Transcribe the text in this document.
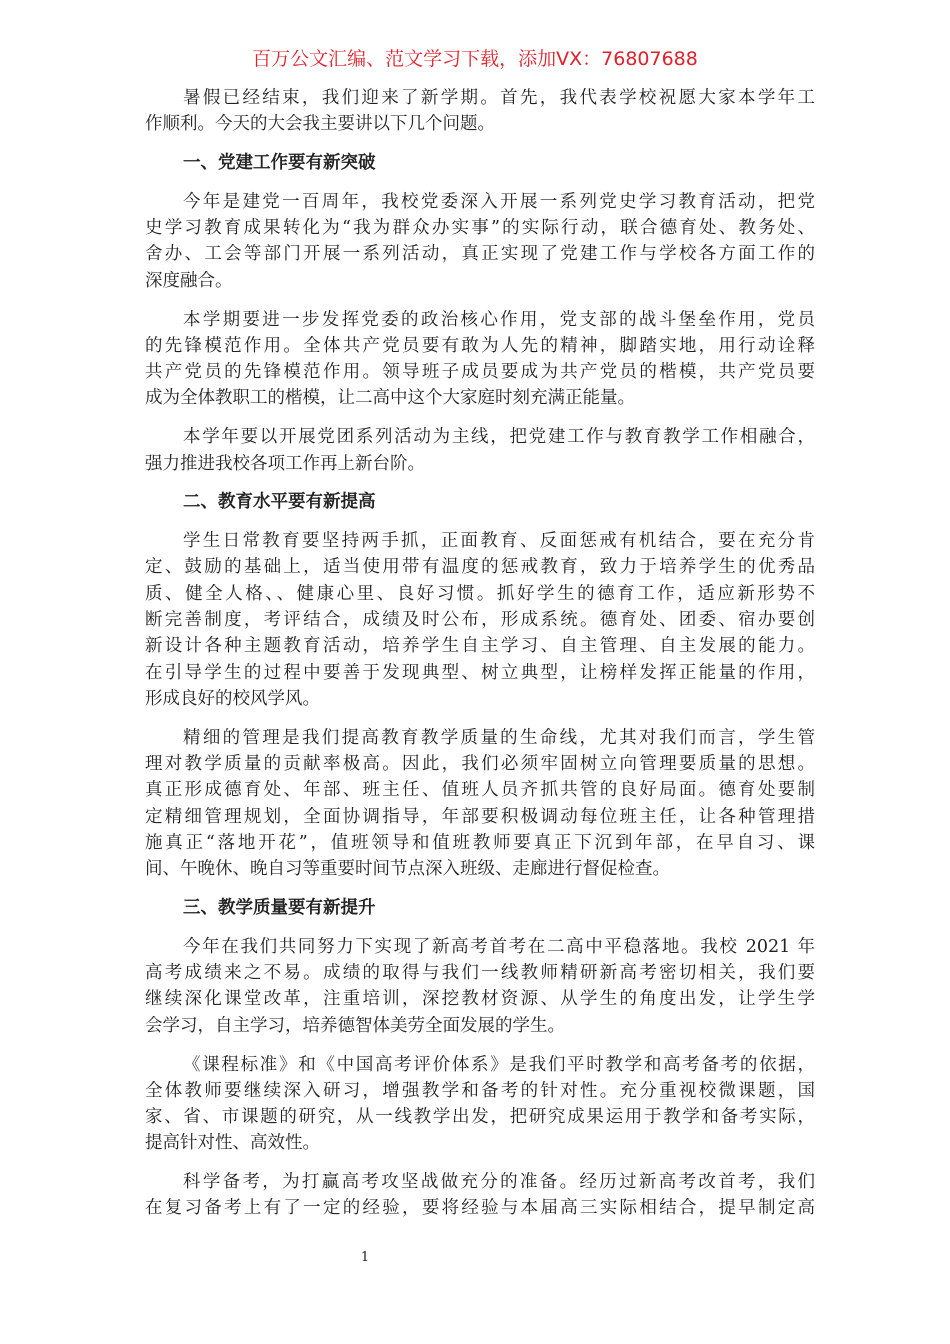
百万公文汇编、范文学习下载，添加VX：76807688
暑假已经结束，我们迎来了新学期。首先，我代表学校祝愿大家本学年工
作顺利。今天的大会我主要讲以下几个问题。
一、党建工作要有新突破
今年是建党一百周年，我校党委深入开展一系列党史学习教育活动，把党
史学习教育成果转化为“我为群众办实事”的实际行动，联合德育处、教务处、
舍办、工会等部门开展一系列活动，真正实现了党建工作与学校各方面工作的
深度融合。
本学期要进一步发挥党委的政治核心作用，党支部的战斗堡垒作用，党员
的先锋模范作用。全体共产党员要有敢为人先的精神，脚踏实地，用行动诠释
共产党员的先锋模范作用。领导班子成员要成为共产党员的楷模，共产党员要
成为全体教职工的楷模，让二高中这个大家庭时刻充满正能量。
本学年要以开展党团系列活动为主线，把党建工作与教育教学工作相融合，
强力推进我校各项工作再上新台阶。
二、教育水平要有新提高
学生日常教育要坚持两手抓，正面教育、反面惩戒有机结合，要在充分肯
定、鼓励的基础上，适当使用带有温度的惩戒教育，致力于培养学生的优秀品
质、健全人格、、健康心里、良好习惯。抓好学生的德育工作，适应新形势不
断完善制度，考评结合，成绩及时公布，形成系统。德育处、团委、宿办要创
新设计各种主题教育活动，培养学生自主学习、自主管理、自主发展的能力。
在引导学生的过程中要善于发现典型、树立典型，让榜样发挥正能量的作用，
形成良好的校风学风。
精细的管理是我们提高教育教学质量的生命线，尤其对我们而言，学生管
理对教学质量的贡献率极高。因此，我们必须牢固树立向管理要质量的思想。
真正形成德育处、年部、班主任、值班人员齐抓共管的良好局面。德育处要制
定精细管理规划，全面协调指导，年部要积极调动每位班主任，让各种管理措
施真正“落地开花”，值班领导和值班教师要真正下沉到年部，在早自习、课
间、午晚休、晚自习等重要时间节点深入班级、走廊进行督促检查。
三、教学质量要有新提升
今年在我们共同努力下实现了新高考首考在二高中平稳落地。我校 2021 年
高考成绩来之不易。成绩的取得与我们一线教师精研新高考密切相关，我们要
继续深化课堂改革，注重培训，深挖教材资源、从学生的角度出发，让学生学
会学习，自主学习，培养德智体美劳全面发展的学生。
《课程标准》和《中国高考评价体系》是我们平时教学和高考备考的依据，
全体教师要继续深入研习，增强教学和备考的针对性。充分重视校微课题，国
家、省、市课题的研究，从一线教学出发，把研究成果运用于教学和备考实际，
提高针对性、高效性。
科学备考，为打赢高考攻坚战做充分的准备。经历过新高考改首考，我们
在复习备考上有了一定的经验，要将经验与本届高三实际相结合，提早制定高
1
